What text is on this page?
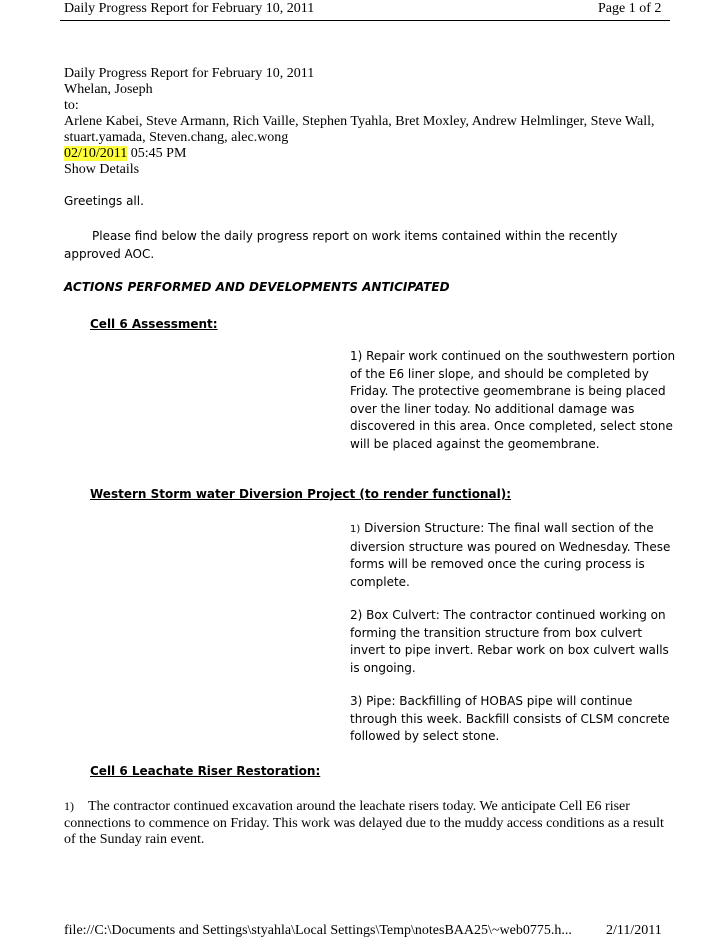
Daily Progress Report for February 10, 2011	Page 1 of 2
Daily Progress Report for February 10, 2011
Whelan, Joseph
to:
Arlene Kabei, Steve Armann, Rich Vaille, Stephen Tyahla, Bret Moxley, Andrew Helmlinger, Steve Wall, stuart.yamada, Steven.chang, alec.wong
02/10/2011 05:45 PM
Show Details
Greetings all.
Please find below the daily progress report on work items contained within the recently approved AOC.
ACTIONS PERFORMED AND DEVELOPMENTS ANTICIPATED
Cell 6 Assessment:
1) Repair work continued on the southwestern portion of the E6 liner slope, and should be completed by Friday. The protective geomembrane is being placed over the liner today. No additional damage was discovered in this area. Once completed, select stone will be placed against the geomembrane.
Western Storm water Diversion Project (to render functional):
1) Diversion Structure: The final wall section of the diversion structure was poured on Wednesday. These forms will be removed once the curing process is complete.
2) Box Culvert: The contractor continued working on forming the transition structure from box culvert invert to pipe invert. Rebar work on box culvert walls is ongoing.
3) Pipe: Backfilling of HOBAS pipe will continue through this week. Backfill consists of CLSM concrete followed by select stone.
Cell 6 Leachate Riser Restoration:
1) The contractor continued excavation around the leachate risers today. We anticipate Cell E6 riser connections to commence on Friday. This work was delayed due to the muddy access conditions as a result of the Sunday rain event.
file://C:\Documents and Settings\styahla\Local Settings\Temp\notesBAA25\~web0775.h... 2/11/2011
